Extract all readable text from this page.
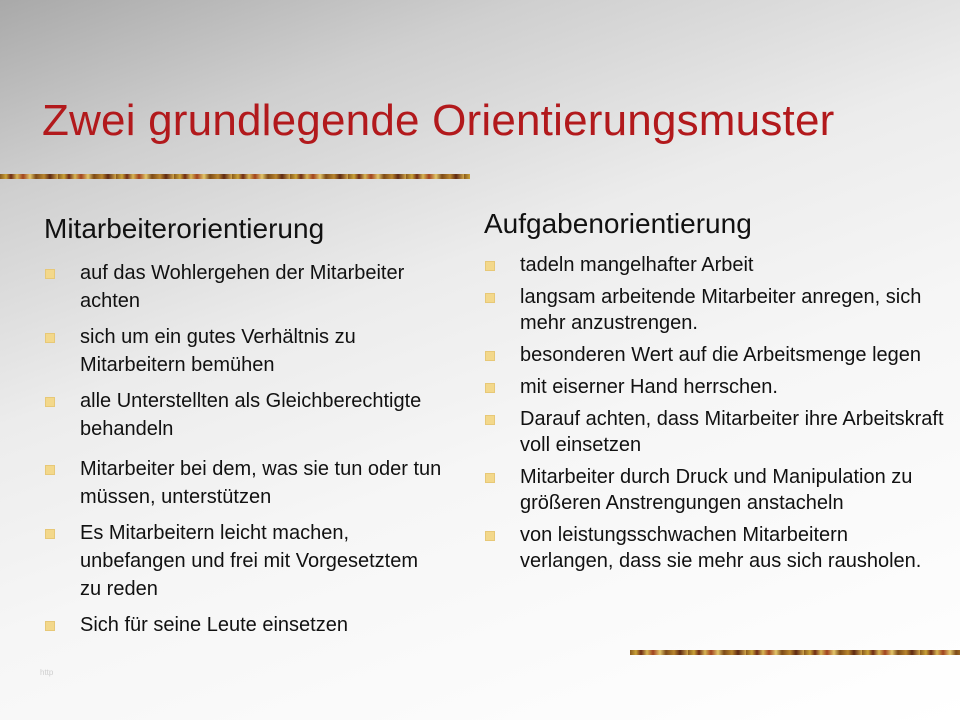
Zwei grundlegende Orientierungsmuster
Mitarbeiterorientierung
auf das Wohlergehen der Mitarbeiter achten
sich um ein gutes Verhältnis zu Mitarbeitern bemühen
alle Unterstellten als Gleichberechtigte behandeln
Mitarbeiter bei dem, was sie tun oder tun müssen, unterstützen
Es Mitarbeitern leicht machen, unbefangen und frei mit Vorgesetztem zu reden
Sich für seine Leute einsetzen
Aufgabenorientierung
tadeln mangelhafter Arbeit
langsam arbeitende Mitarbeiter anregen, sich mehr anzustrengen.
besonderen Wert auf die Arbeitsmenge legen
mit eiserner Hand herrschen.
Darauf achten, dass Mitarbeiter ihre Arbeitskraft voll einsetzen
Mitarbeiter durch Druck und Manipulation zu größeren Anstrengungen anstacheln
von leistungsschwachen Mitarbeitern verlangen, dass sie mehr aus sich rausholen.
http
